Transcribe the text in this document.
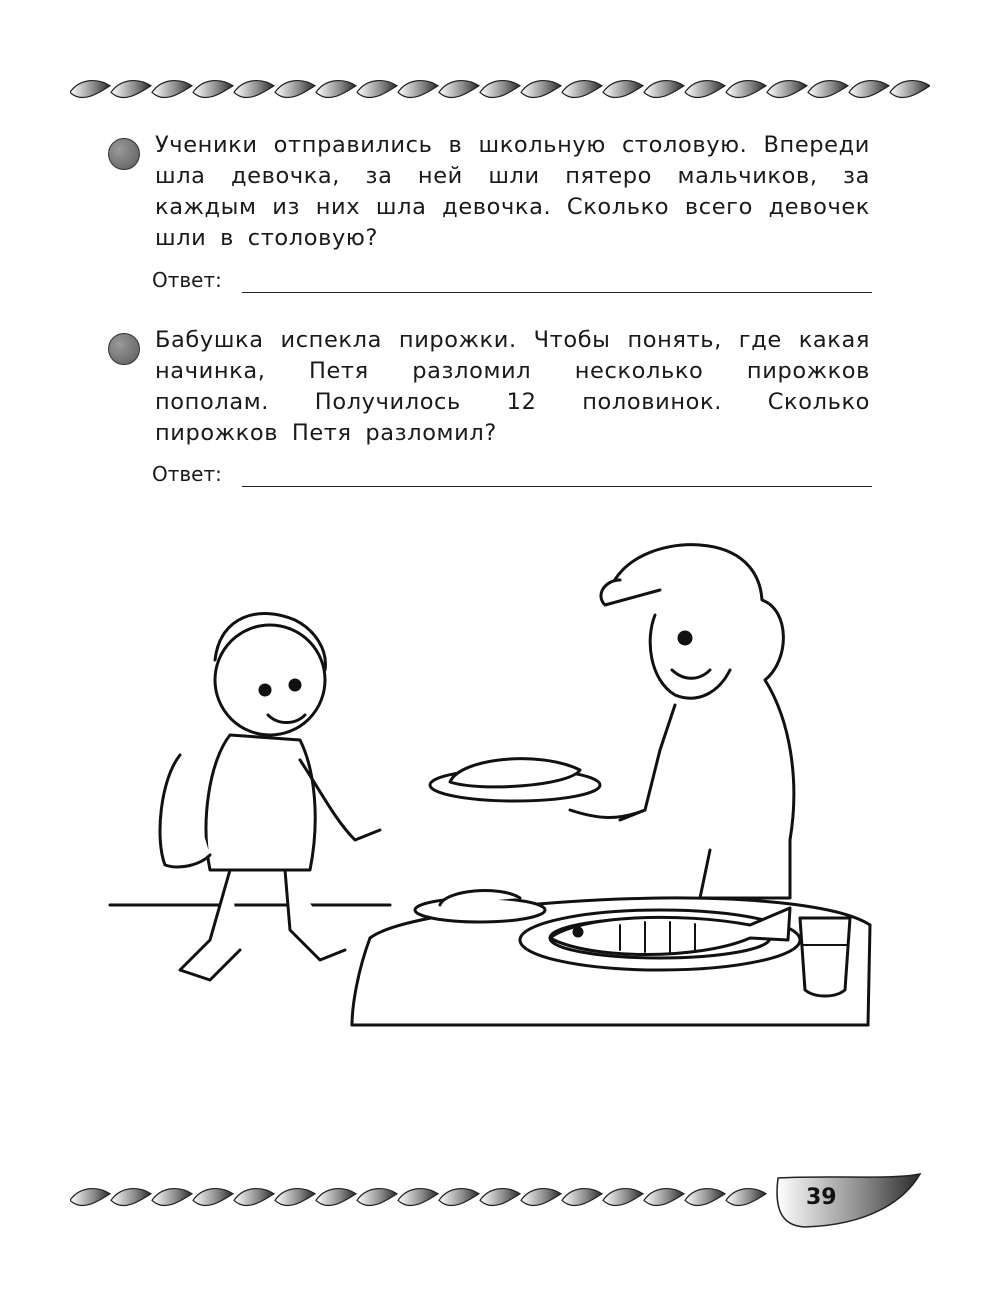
Ученики отправились в школьную столовую. Впереди шла девочка, за ней шли пятеро мальчиков, за каждым из них шла девочка. Сколько всего девочек шли в столовую?
Ответ:
Бабушка испекла пирожки. Чтобы понять, где какая начинка, Петя разломил несколько пирожков пополам. Получилось 12 половинок. Сколько пирожков Петя разломил?
Ответ:
39
